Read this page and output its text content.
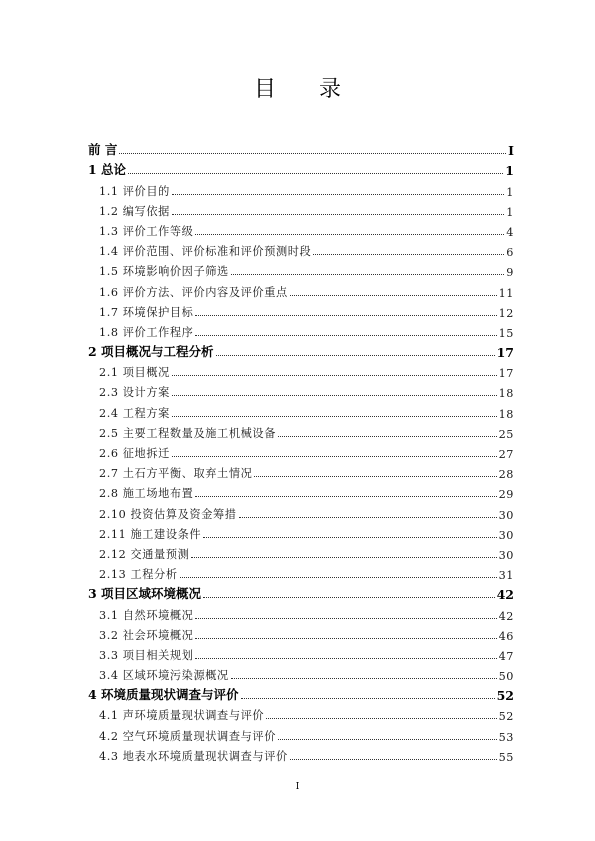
目 录
前 言	I
1 总论	1
1.1 评价目的	1
1.2 编写依据	1
1.3 评价工作等级	4
1.4 评价范围、评价标准和评价预测时段	6
1.5 环境影响价因子筛选	9
1.6 评价方法、评价内容及评价重点	11
1.7 环境保护目标	12
1.8 评价工作程序	15
2 项目概况与工程分析	17
2.1 项目概况	17
2.3 设计方案	18
2.4 工程方案	18
2.5 主要工程数量及施工机械设备	25
2.6 征地拆迁	27
2.7 土石方平衡、取弃土情况	28
2.8 施工场地布置	29
2.10 投资估算及资金筹措	30
2.11 施工建设条件	30
2.12 交通量预测	30
2.13 工程分析	31
3 项目区域环境概况	42
3.1 自然环境概况	42
3.2 社会环境概况	46
3.3 项目相关规划	47
3.4 区域环境污染源概况	50
4 环境质量现状调查与评价	52
4.1 声环境质量现状调查与评价	52
4.2 空气环境质量现状调查与评价	53
4.3 地表水环境质量现状调查与评价	55
I
